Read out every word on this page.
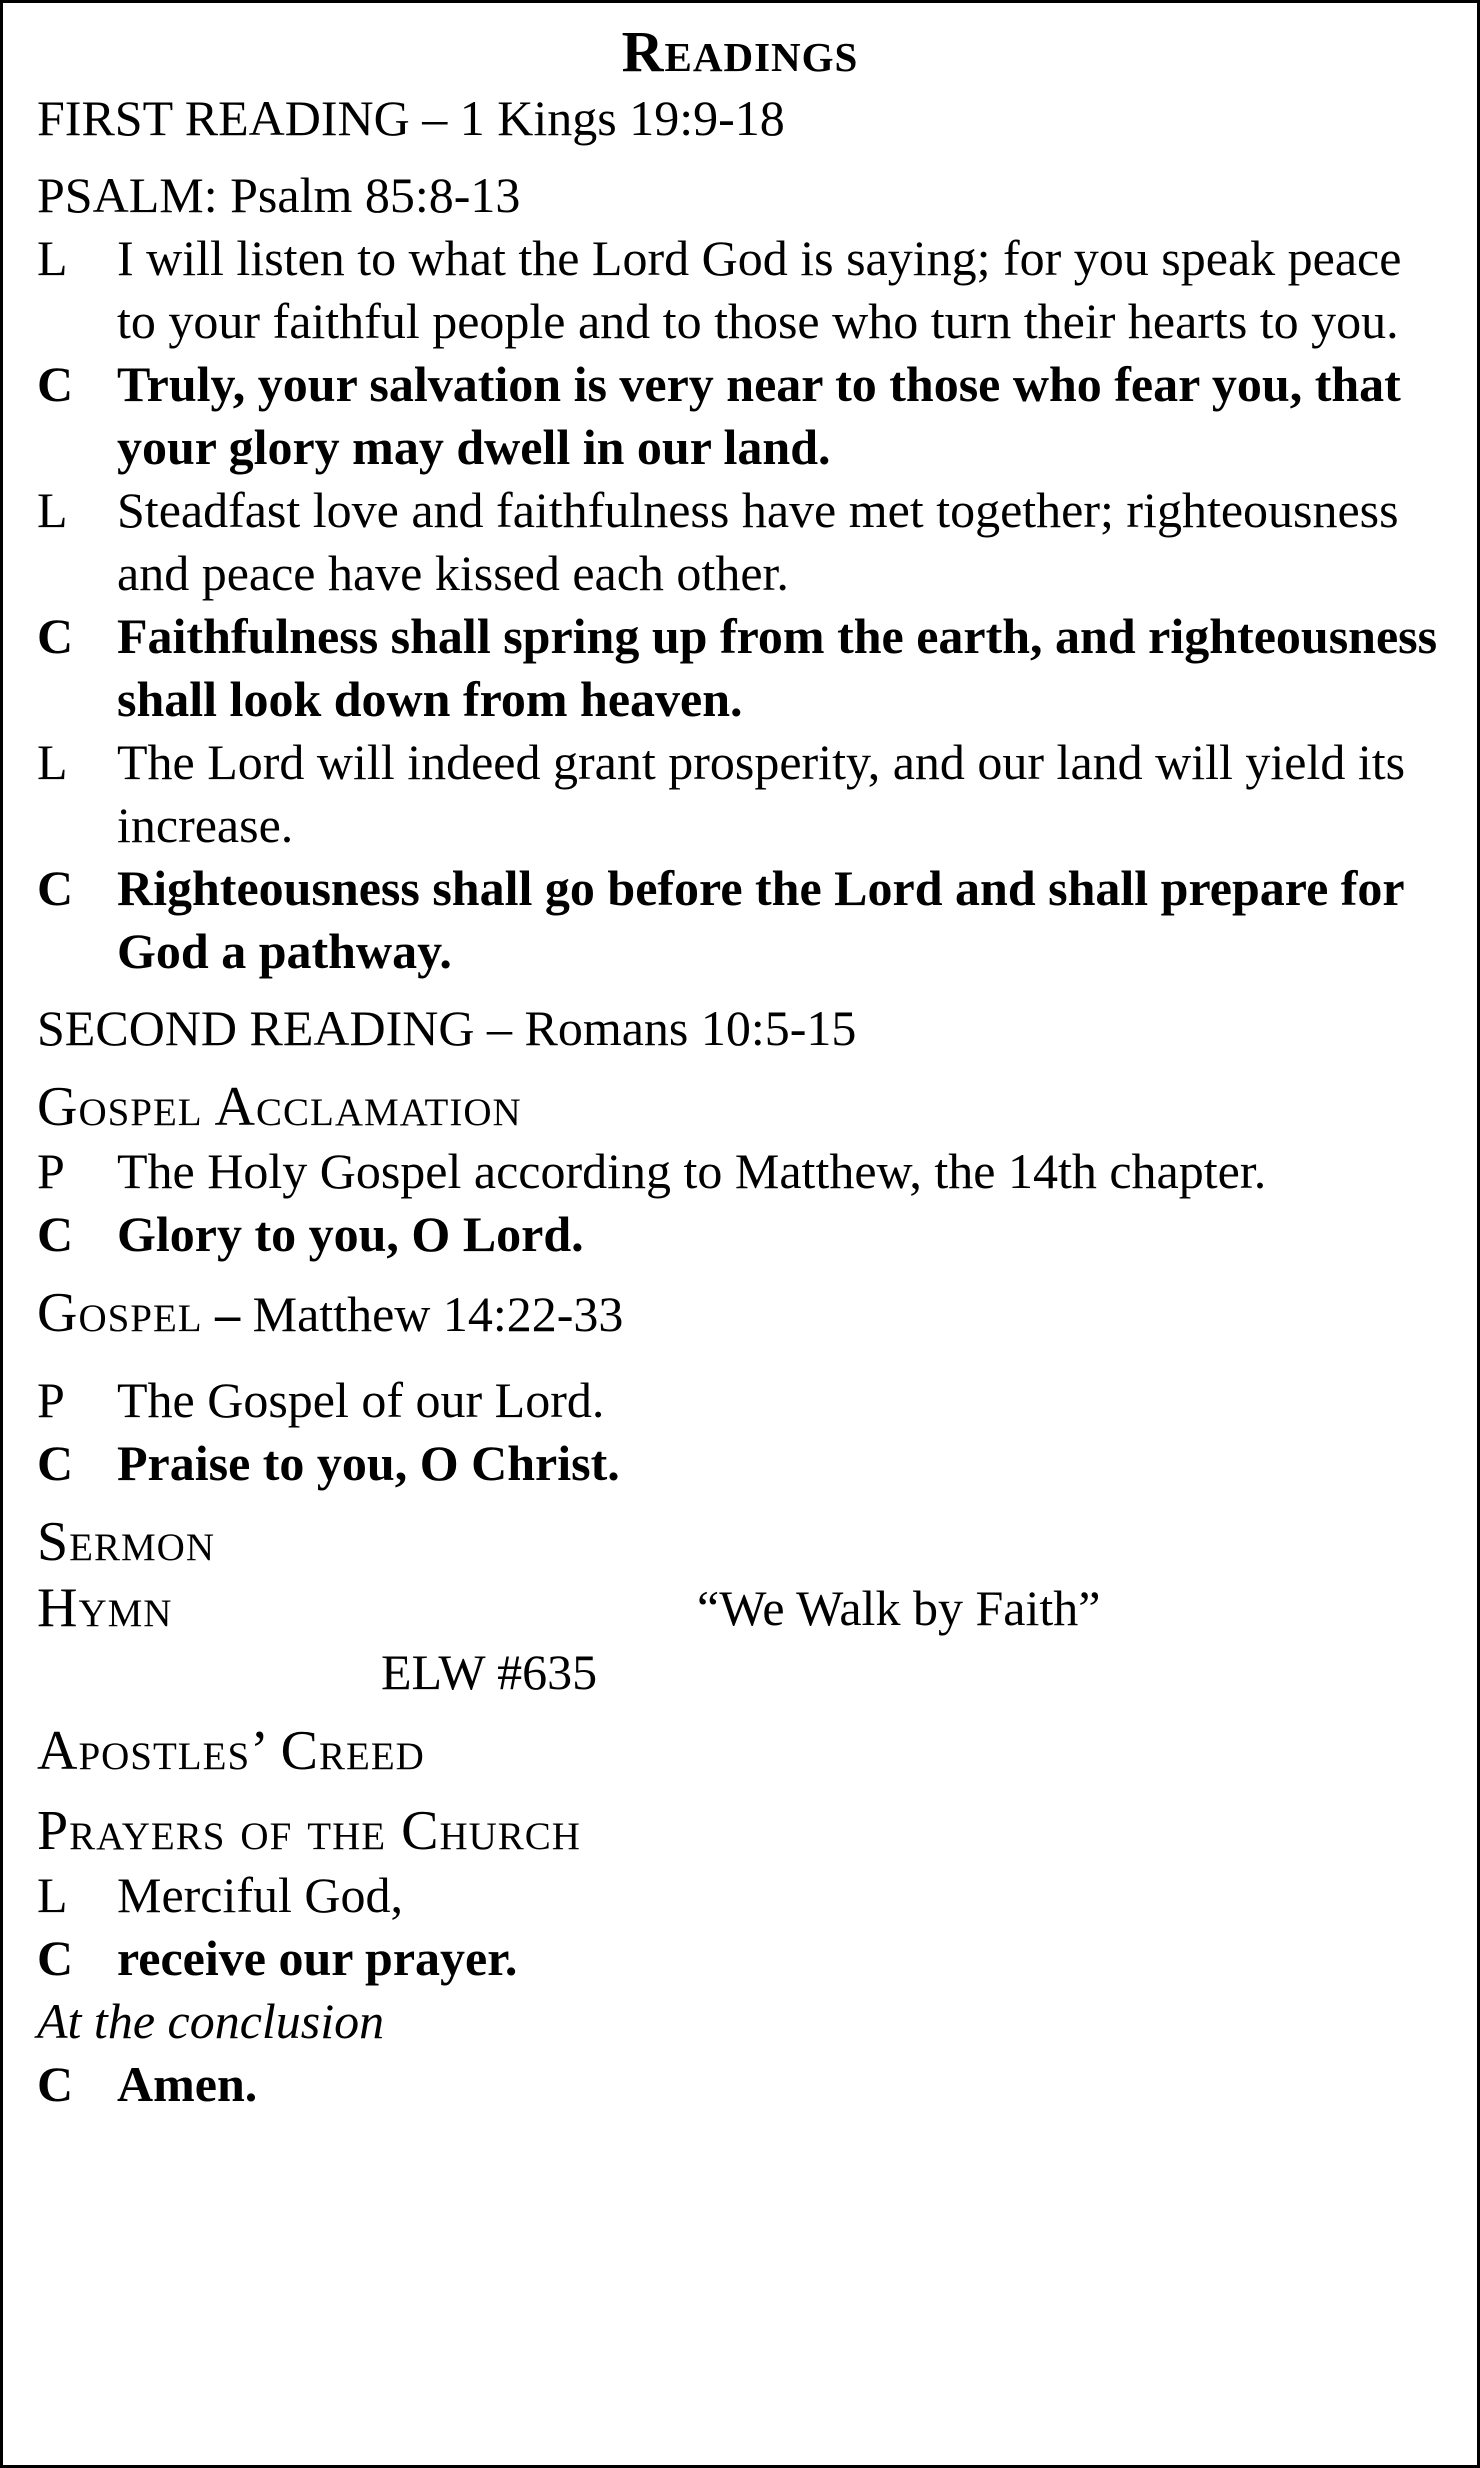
Readings

FIRST READING – 1 Kings 19:9-18

PSALM: Psalm 85:8-13

L I will listen to what the Lord God is saying; for you speak peace to your faithful people and to those who turn their hearts to you.
C Truly, your salvation is very near to those who fear you, that your glory may dwell in our land.
L Steadfast love and faithfulness have met together; righteousness and peace have kissed each other.
C Faithfulness shall spring up from the earth, and righteousness shall look down from heaven.
L The Lord will indeed grant prosperity, and our land will yield its increase.
C Righteousness shall go before the Lord and shall prepare for God a pathway.

SECOND READING – Romans 10:5-15

Gospel Acclamation

P	The Holy Gospel according to Matthew, the 14th chapter.
C Glory to you, O Lord.

Gospel – Matthew 14:22-33

P	The Gospel of our Lord.
C Praise to you, O Christ.

Sermon

Hymn	“We Walk by Faith”

ELW #635

Apostles’ Creed

Prayers of the Church

L Merciful God,
C receive our prayer.

At the conclusion

C Amen.
